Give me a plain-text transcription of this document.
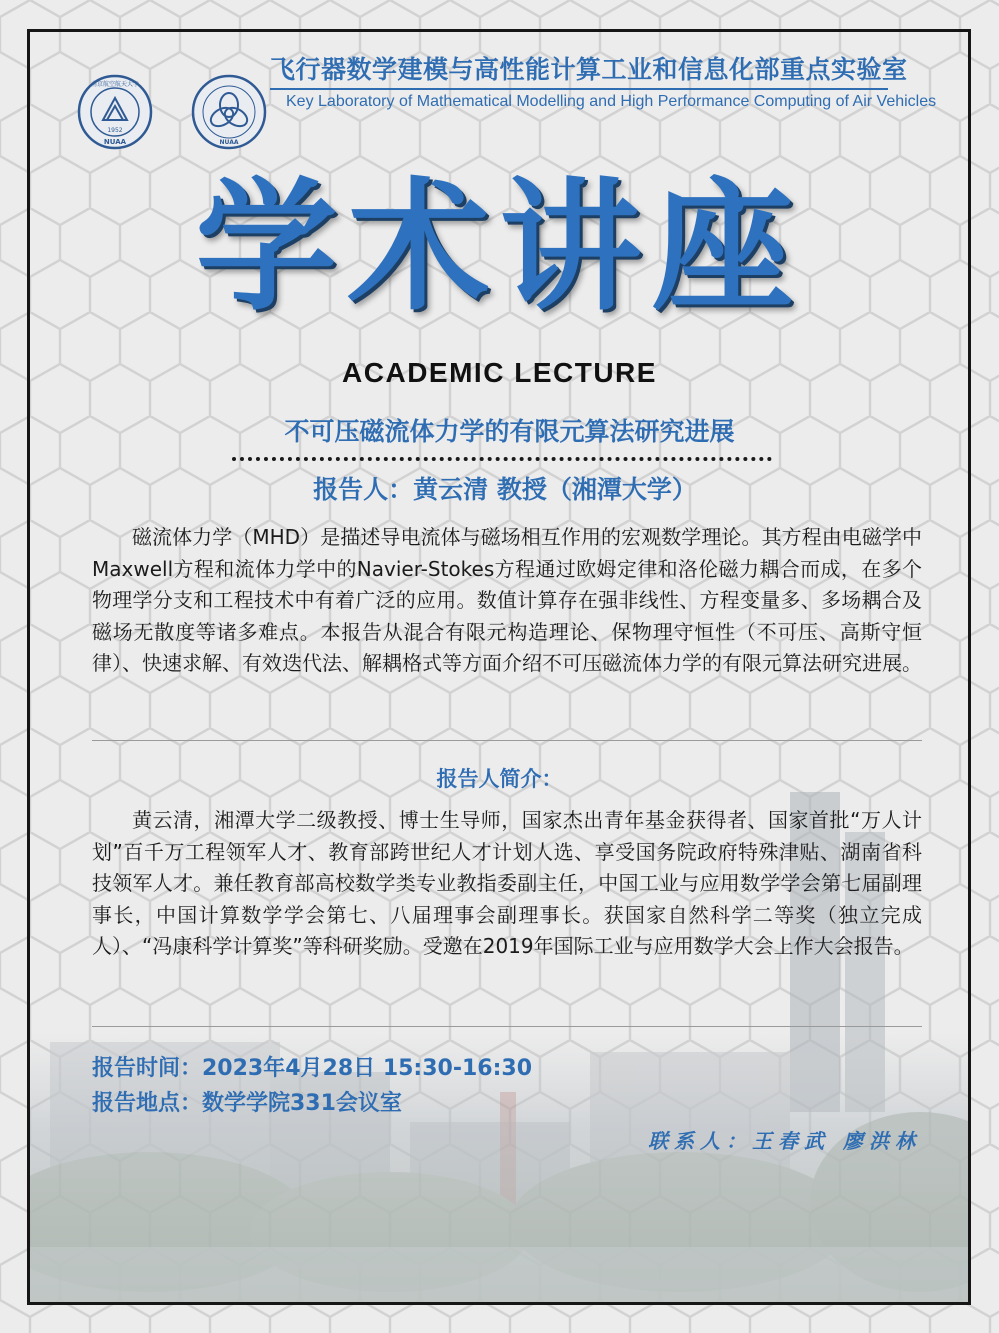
1952
NUAA
南京航空航天大学
NUAA
飞行器数学建模与高性能计算工业和信息化部重点实验室
Key Laboratory of Mathematical Modelling and High Performance Computing of Air Vehicles
学术讲座
ACADEMIC LECTURE
不可压磁流体力学的有限元算法研究进展
报告人：黄云清 教授（湘潭大学）
磁流体力学（MHD）是描述导电流体与磁场相互作用的宏观数学理论。其方程由电磁学中Maxwell方程和流体力学中的Navier-Stokes方程通过欧姆定律和洛伦磁力耦合而成，在多个物理学分支和工程技术中有着广泛的应用。数值计算存在强非线性、方程变量多、多场耦合及磁场无散度等诸多难点。本报告从混合有限元构造理论、保物理守恒性（不可压、高斯守恒律）、快速求解、有效迭代法、解耦格式等方面介绍不可压磁流体力学的有限元算法研究进展。
报告人简介：
黄云清，湘潭大学二级教授、博士生导师，国家杰出青年基金获得者、国家首批“万人计划”百千万工程领军人才、教育部跨世纪人才计划人选、享受国务院政府特殊津贴、湖南省科技领军人才。兼任教育部高校数学类专业教指委副主任，中国工业与应用数学学会第七届副理事长，中国计算数学学会第七、八届理事会副理事长。获国家自然科学二等奖（独立完成人）、“冯康科学计算奖”等科研奖励。受邀在2019年国际工业与应用数学大会上作大会报告。
报告时间：2023年4月28日 15:30-16:30
报告地点：数学学院331会议室
联系人：王春武 廖洪林
